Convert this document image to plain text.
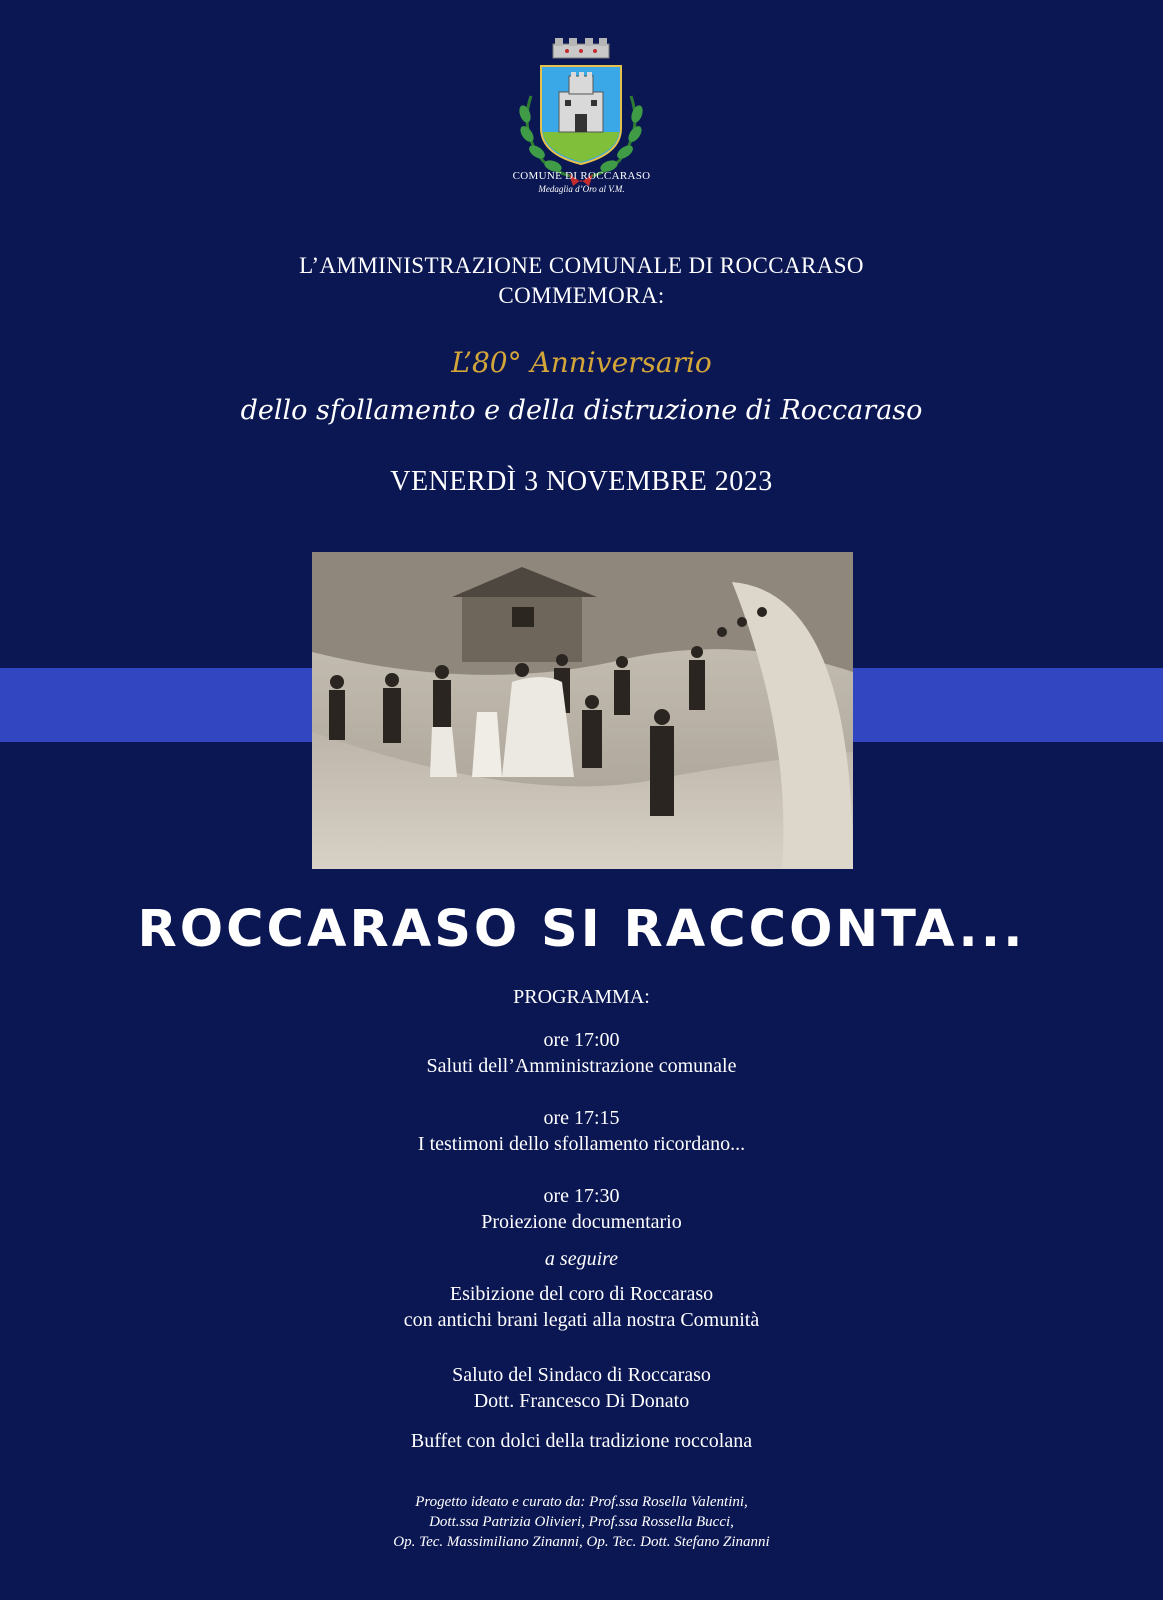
COMUNE DI ROCCARASO
Medaglia d’Oro al V.M.
L’AMMINISTRAZIONE COMUNALE DI ROCCARASO
COMMEMORA:
L’80° Anniversario
dello sfollamento e della distruzione di Roccaraso
VENERDÌ 3 NOVEMBRE 2023
ROCCARASO SI RACCONTA...
PROGRAMMA:
ore 17:00
Saluti dell’Amministrazione comunale
ore 17:15
I testimoni dello sfollamento ricordano...
ore 17:30
Proiezione documentario
a seguire
Esibizione del coro di Roccaraso
con antichi brani legati alla nostra Comunità
Saluto del Sindaco di Roccaraso
Dott. Francesco Di Donato
Buffet con dolci della tradizione roccolana
Progetto ideato e curato da: Prof.ssa Rosella Valentini,
Dott.ssa Patrizia Olivieri, Prof.ssa Rossella Bucci,
Op. Tec. Massimiliano Zinanni, Op. Tec. Dott. Stefano Zinanni
